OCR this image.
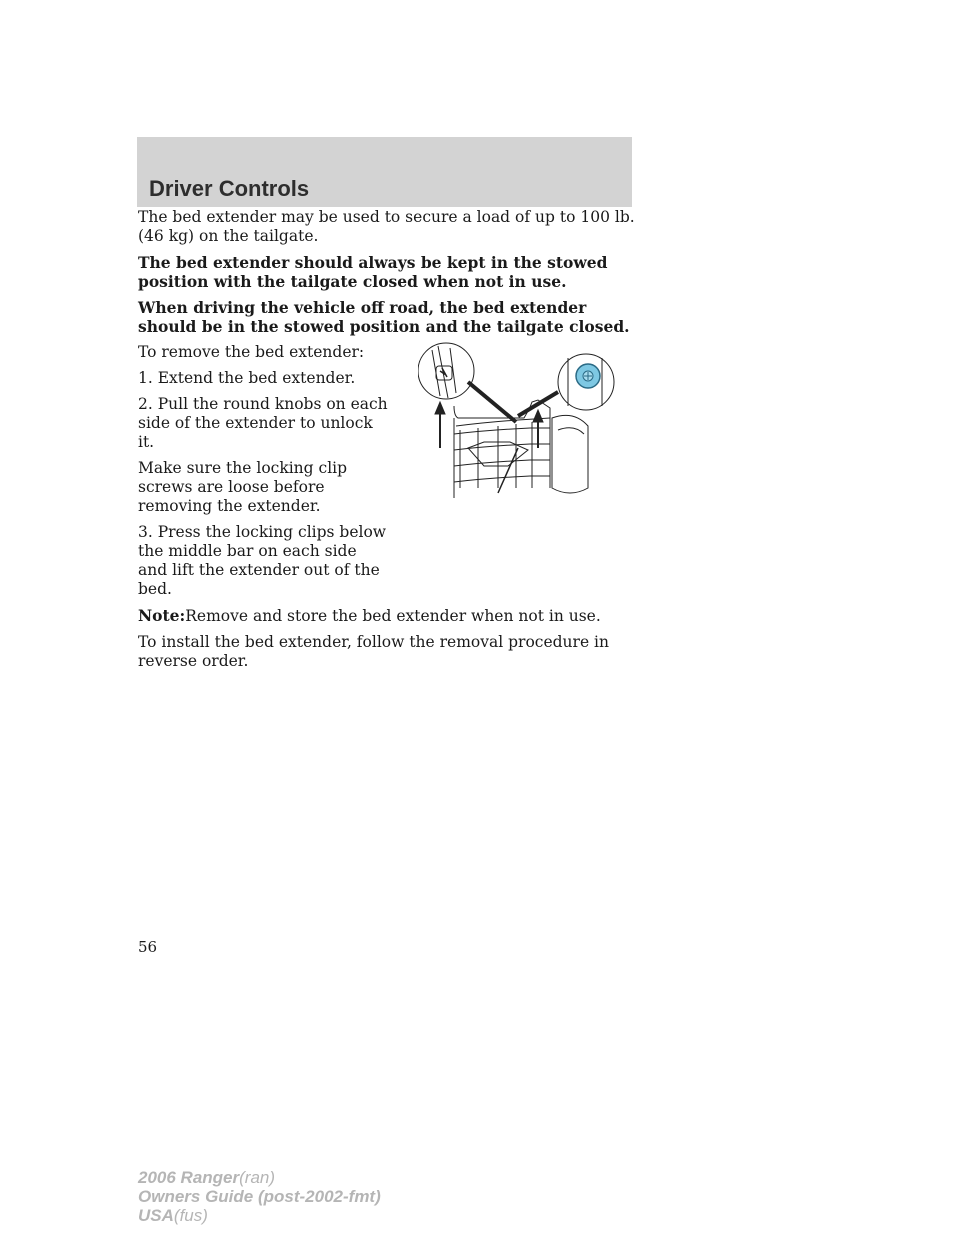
Driver Controls

The bed extender may be used to secure a load of up to 100 lb. (46 kg) on the tailgate.

The bed extender should always be kept in the stowed position with the tailgate closed when not in use.

When driving the vehicle off road, the bed extender should be in the stowed position and the tailgate closed.

To remove the bed extender:

1. Extend the bed extender.

2. Pull the round knobs on each side of the extender to unlock it.

Make sure the locking clip screws are loose before removing the extender.

3. Press the locking clips below the middle bar on each side and lift the extender out of the bed.

Note:Remove and store the bed extender when not in use.

To install the bed extender, follow the removal procedure in reverse order.

56
2006 Ranger(ran)
Owners Guide (post-2002-fmt)
USA(fus)
